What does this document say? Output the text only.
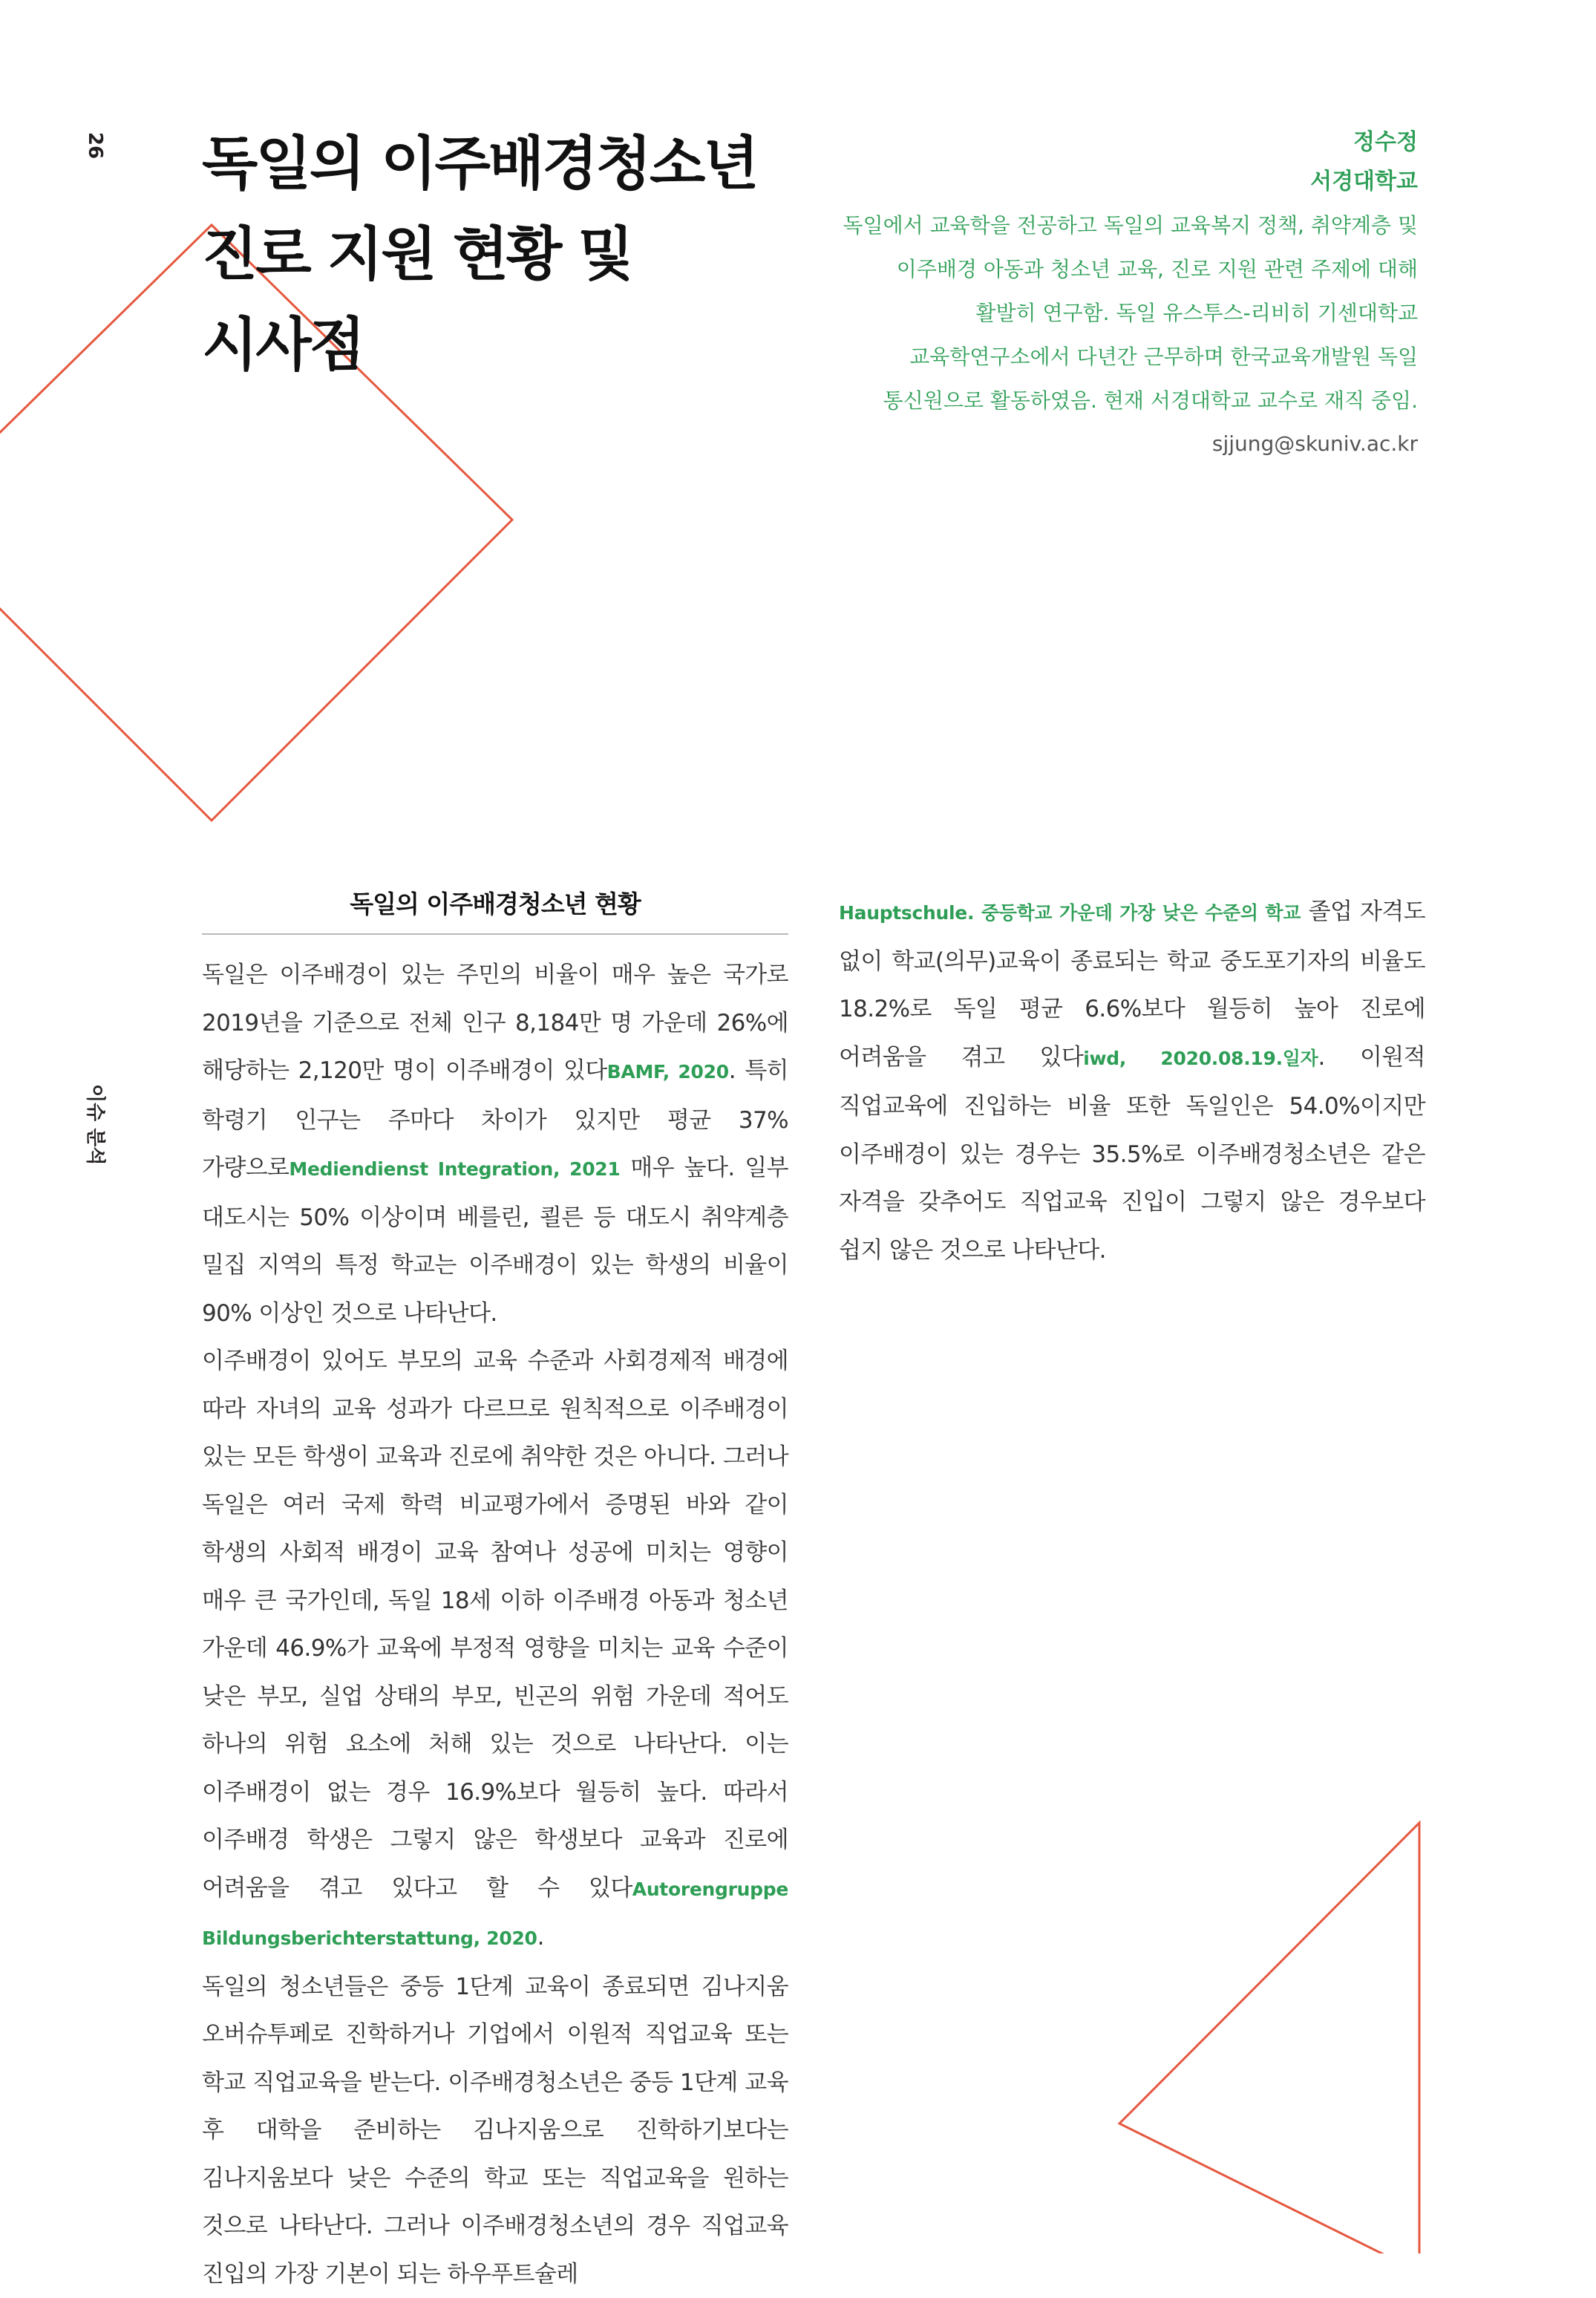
26
이슈 분석
독일의 이주배경청소년
진로 지원 현황 및
시사점
정수정
서경대학교
독일에서 교육학을 전공하고 독일의 교육복지 정책, 취약계층 및
이주배경 아동과 청소년 교육, 진로 지원 관련 주제에 대해
활발히 연구함. 독일 유스투스-리비히 기센대학교
교육학연구소에서 다년간 근무하며 한국교육개발원 독일
통신원으로 활동하였음. 현재 서경대학교 교수로 재직 중임.
sjjung@skuniv.ac.kr
독일의 이주배경청소년 현황

독일은 이주배경이 있는 주민의 비율이 매우 높은 국가로 2019년을 기준으로 전체 인구 8,184만 명 가운데 26%에 해당하는 2,120만 명이 이주배경이 있다BAMF, 2020. 특히 학령기 인구는 주마다 차이가 있지만 평균 37%가량으로Mediendienst Integration, 2021 매우 높다. 일부 대도시는 50% 이상이며 베를린, 쾰른 등 대도시 취약계층 밀집 지역의 특정 학교는 이주배경이 있는 학생의 비율이 90% 이상인 것으로 나타난다.

이주배경이 있어도 부모의 교육 수준과 사회경제적 배경에 따라 자녀의 교육 성과가 다르므로 원칙적으로 이주배경이 있는 모든 학생이 교육과 진로에 취약한 것은 아니다. 그러나 독일은 여러 국제 학력 비교평가에서 증명된 바와 같이 학생의 사회적 배경이 교육 참여나 성공에 미치는 영향이 매우 큰 국가인데, 독일 18세 이하 이주배경 아동과 청소년 가운데 46.9%가 교육에 부정적 영향을 미치는 교육 수준이 낮은 부모, 실업 상태의 부모, 빈곤의 위험 가운데 적어도 하나의 위험 요소에 처해 있는 것으로 나타난다. 이는 이주배경이 없는 경우 16.9%보다 월등히 높다. 따라서 이주배경 학생은 그렇지 않은 학생보다 교육과 진로에 어려움을 겪고 있다고 할 수 있다Autorengruppe Bildungsberichterstattung, 2020.

독일의 청소년들은 중등 1단계 교육이 종료되면 김나지움 오버슈투페로 진학하거나 기업에서 이원적 직업교육 또는 학교 직업교육을 받는다. 이주배경청소년은 중등 1단계 교육 후 대학을 준비하는 김나지움으로 진학하기보다는 김나지움보다 낮은 수준의 학교 또는 직업교육을 원하는 것으로 나타난다. 그러나 이주배경청소년의 경우 직업교육 진입의 가장 기본이 되는 하우푸트슐레

Hauptschule. 중등학교 가운데 가장 낮은 수준의 학교 졸업 자격도 없이 학교(의무)교육이 종료되는 학교 중도포기자의 비율도 18.2%로 독일 평균 6.6%보다 월등히 높아 진로에 어려움을 겪고 있다iwd, 2020.08.19.일자. 이원적 직업교육에 진입하는 비율 또한 독일인은 54.0%이지만 이주배경이 있는 경우는 35.5%로 이주배경청소년은 같은 자격을 갖추어도 직업교육 진입이 그렇지 않은 경우보다 쉽지 않은 것으로 나타난다.
